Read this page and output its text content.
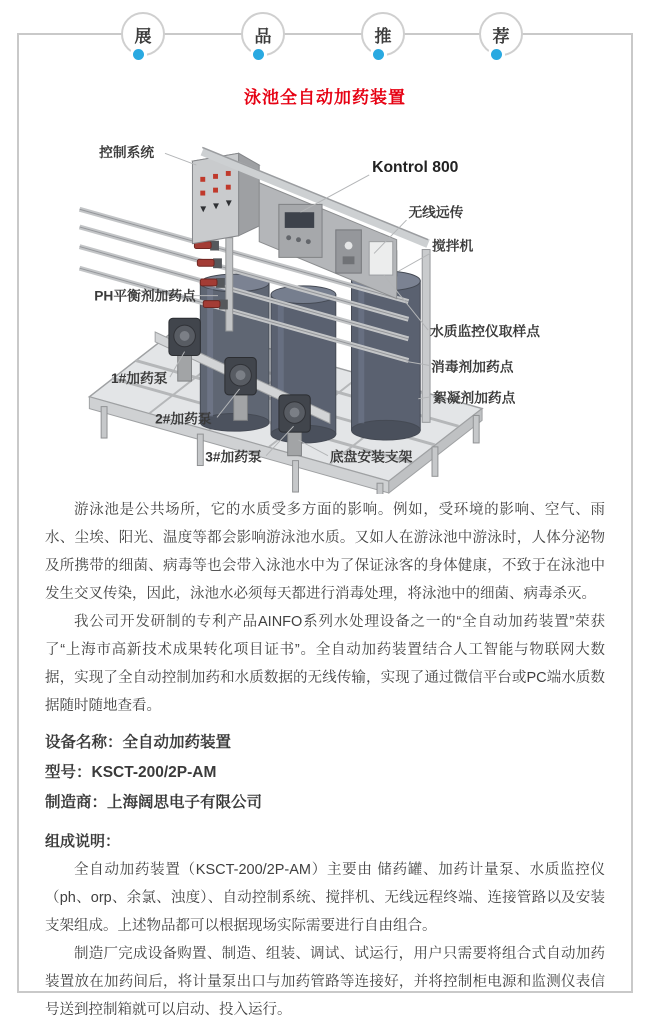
展	品	推	荐
泳池全自动加药装置
控制系统
Kontrol 800
无线远传
搅拌机
PH平衡剂加药点
水质监控仪取样点
消毒剂加药点
絮凝剂加药点
1#加药泵
2#加药泵
3#加药泵	底盘安装支架

游泳池是公共场所，它的水质受多方面的影响。例如，受环境的影响、空气、雨水、尘埃、阳光、温度等都会影响游泳池水质。又如人在游泳池中游泳时，人体分泌物及所携带的细菌、病毒等也会带入泳池水中为了保证泳客的身体健康，不致于在泳池中发生交叉传染，因此，泳池水必须每天都进行消毒处理，将泳池中的细菌、病毒杀灭。

我公司开发研制的专利产品AINFO系列水处理设备之一的“全自动加药装置”荣获了“上海市高新技术成果转化项目证书”。全自动加药装置结合人工智能与物联网大数据，实现了全自动控制加药和水质数据的无线传输，实现了通过微信平台或PC端水质数据随时随地查看。

设备名称：全自动加药装置
型号：KSCT-200/2P-AM
制造商：上海阔思电子有限公司
组成说明：

全自动加药装置（KSCT-200/2P-AM）主要由 储药罐、加药计量泵、水质监控仪（ph、orp、余氯、浊度）、自动控制系统、搅拌机、无线远程终端、连接管路以及安装支架组成。上述物品都可以根据现场实际需要进行自由组合。

制造厂完成设备购置、制造、组装、调试、试运行，用户只需要将组合式自动加药装置放在加药间后，将计量泵出口与加药管路等连接好，并将控制柜电源和监测仪表信号送到控制箱就可以启动、投入运行。
